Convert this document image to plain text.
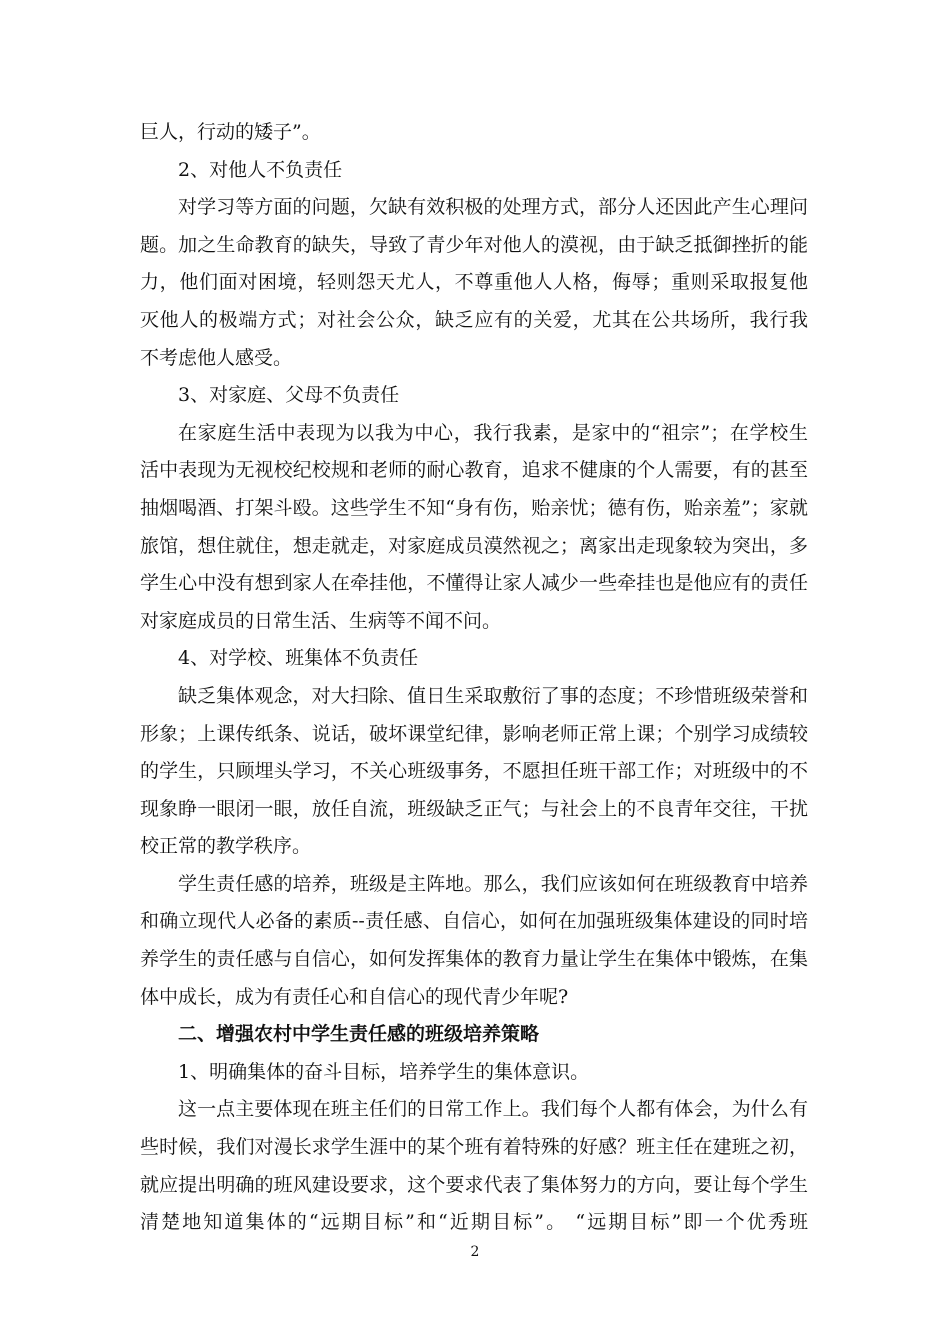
巨人，行动的矮子”。
2、对他人不负责任
对学习等方面的问题，欠缺有效积极的处理方式，部分人还因此产生心理问
题。加之生命教育的缺失，导致了青少年对他人的漠视，由于缺乏抵御挫折的能
力，他们面对困境，轻则怨天尤人，不尊重他人人格，侮辱；重则采取报复他
灭他人的极端方式；对社会公众，缺乏应有的关爱，尤其在公共场所，我行我
不考虑他人感受。
3、对家庭、父母不负责任
在家庭生活中表现为以我为中心，我行我素，是家中的“祖宗”；在学校生
活中表现为无视校纪校规和老师的耐心教育，追求不健康的个人需要，有的甚至
抽烟喝酒、打架斗殴。这些学生不知“身有伤，贻亲忧；德有伤，贻亲羞”；家就
旅馆，想住就住，想走就走，对家庭成员漠然视之；离家出走现象较为突出，多
学生心中没有想到家人在牵挂他，不懂得让家人减少一些牵挂也是他应有的责任
对家庭成员的日常生活、生病等不闻不问。
4、对学校、班集体不负责任
缺乏集体观念，对大扫除、值日生采取敷衍了事的态度；不珍惜班级荣誉和
形象；上课传纸条、说话，破坏课堂纪律，影响老师正常上课；个别学习成绩较
的学生，只顾埋头学习，不关心班级事务，不愿担任班干部工作；对班级中的不
现象睁一眼闭一眼，放任自流，班级缺乏正气；与社会上的不良青年交往，干扰
校正常的教学秩序。
学生责任感的培养，班级是主阵地。那么，我们应该如何在班级教育中培养
和确立现代人必备的素质--责任感、自信心，如何在加强班级集体建设的同时培
养学生的责任感与自信心，如何发挥集体的教育力量让学生在集体中锻炼，在集
体中成长，成为有责任心和自信心的现代青少年呢?
二、增强农村中学生责任感的班级培养策略
1、明确集体的奋斗目标，培养学生的集体意识。
这一点主要体现在班主任们的日常工作上。我们每个人都有体会，为什么有
些时候，我们对漫长求学生涯中的某个班有着特殊的好感？班主任在建班之初，
就应提出明确的班风建设要求，这个要求代表了集体努力的方向，要让每个学生
清楚地知道集体的“远期目标”和“近期目标”。 “远期目标”即一个优秀班
2
